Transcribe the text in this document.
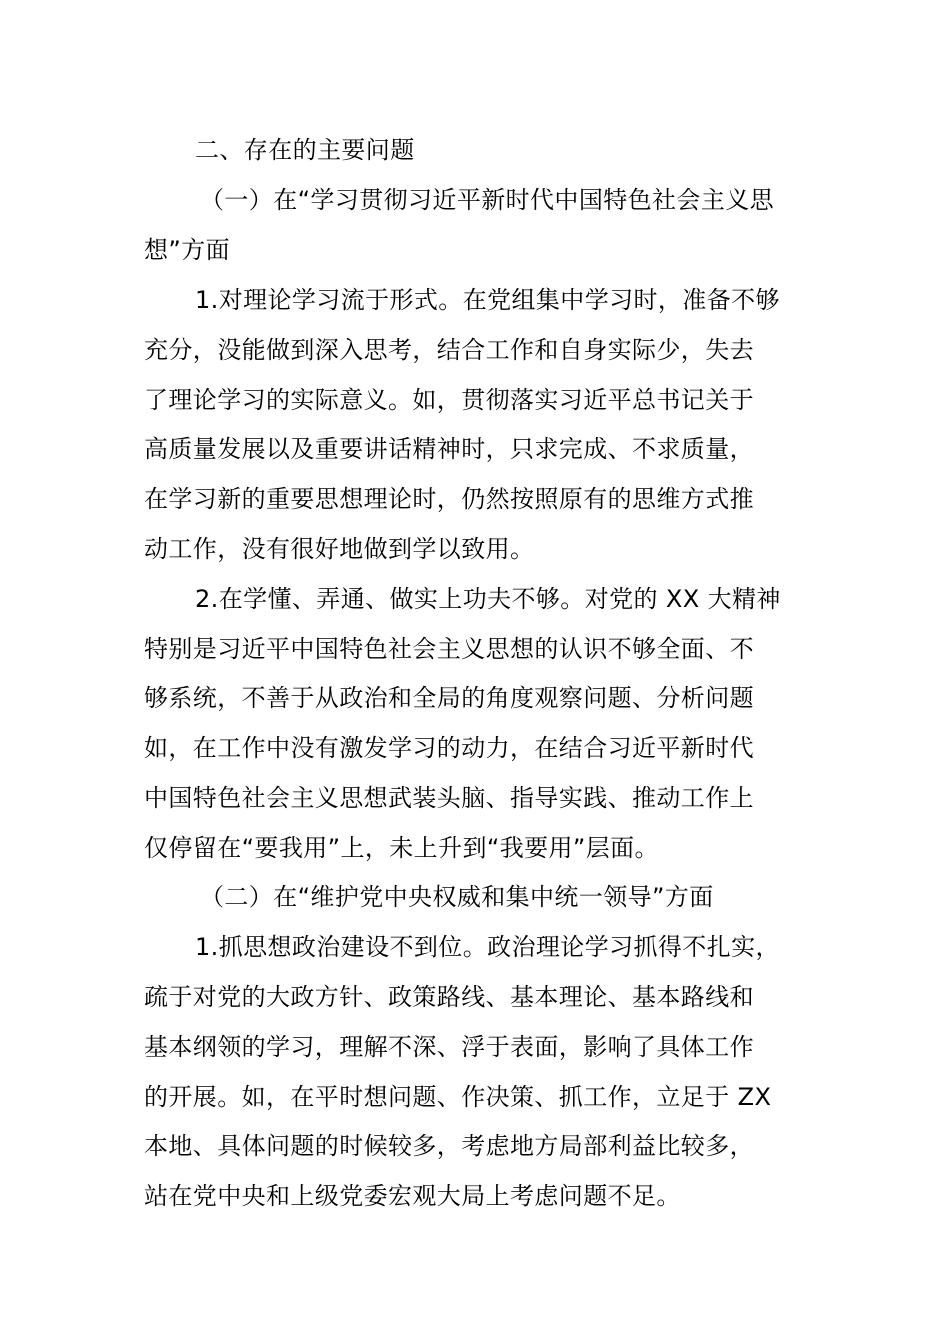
二、存在的主要问题
（一）在“学习贯彻习近平新时代中国特色社会主义思
想”方面
1.对理论学习流于形式。在党组集中学习时，准备不够
充分，没能做到深入思考，结合工作和自身实际少，失去
了理论学习的实际意义。如，贯彻落实习近平总书记关于
高质量发展以及重要讲话精神时，只求完成、不求质量，
在学习新的重要思想理论时，仍然按照原有的思维方式推
动工作，没有很好地做到学以致用。
2.在学懂、弄通、做实上功夫不够。对党的 XX 大精神
特别是习近平中国特色社会主义思想的认识不够全面、不
够系统，不善于从政治和全局的角度观察问题、分析问题
如，在工作中没有激发学习的动力，在结合习近平新时代
中国特色社会主义思想武装头脑、指导实践、推动工作上
仅停留在“要我用”上，未上升到“我要用”层面。
（二）在“维护党中央权威和集中统一领导”方面
1.抓思想政治建设不到位。政治理论学习抓得不扎实，
疏于对党的大政方针、政策路线、基本理论、基本路线和
基本纲领的学习，理解不深、浮于表面，影响了具体工作
的开展。如，在平时想问题、作决策、抓工作，立足于 ZX
本地、具体问题的时候较多，考虑地方局部利益比较多，
站在党中央和上级党委宏观大局上考虑问题不足。
